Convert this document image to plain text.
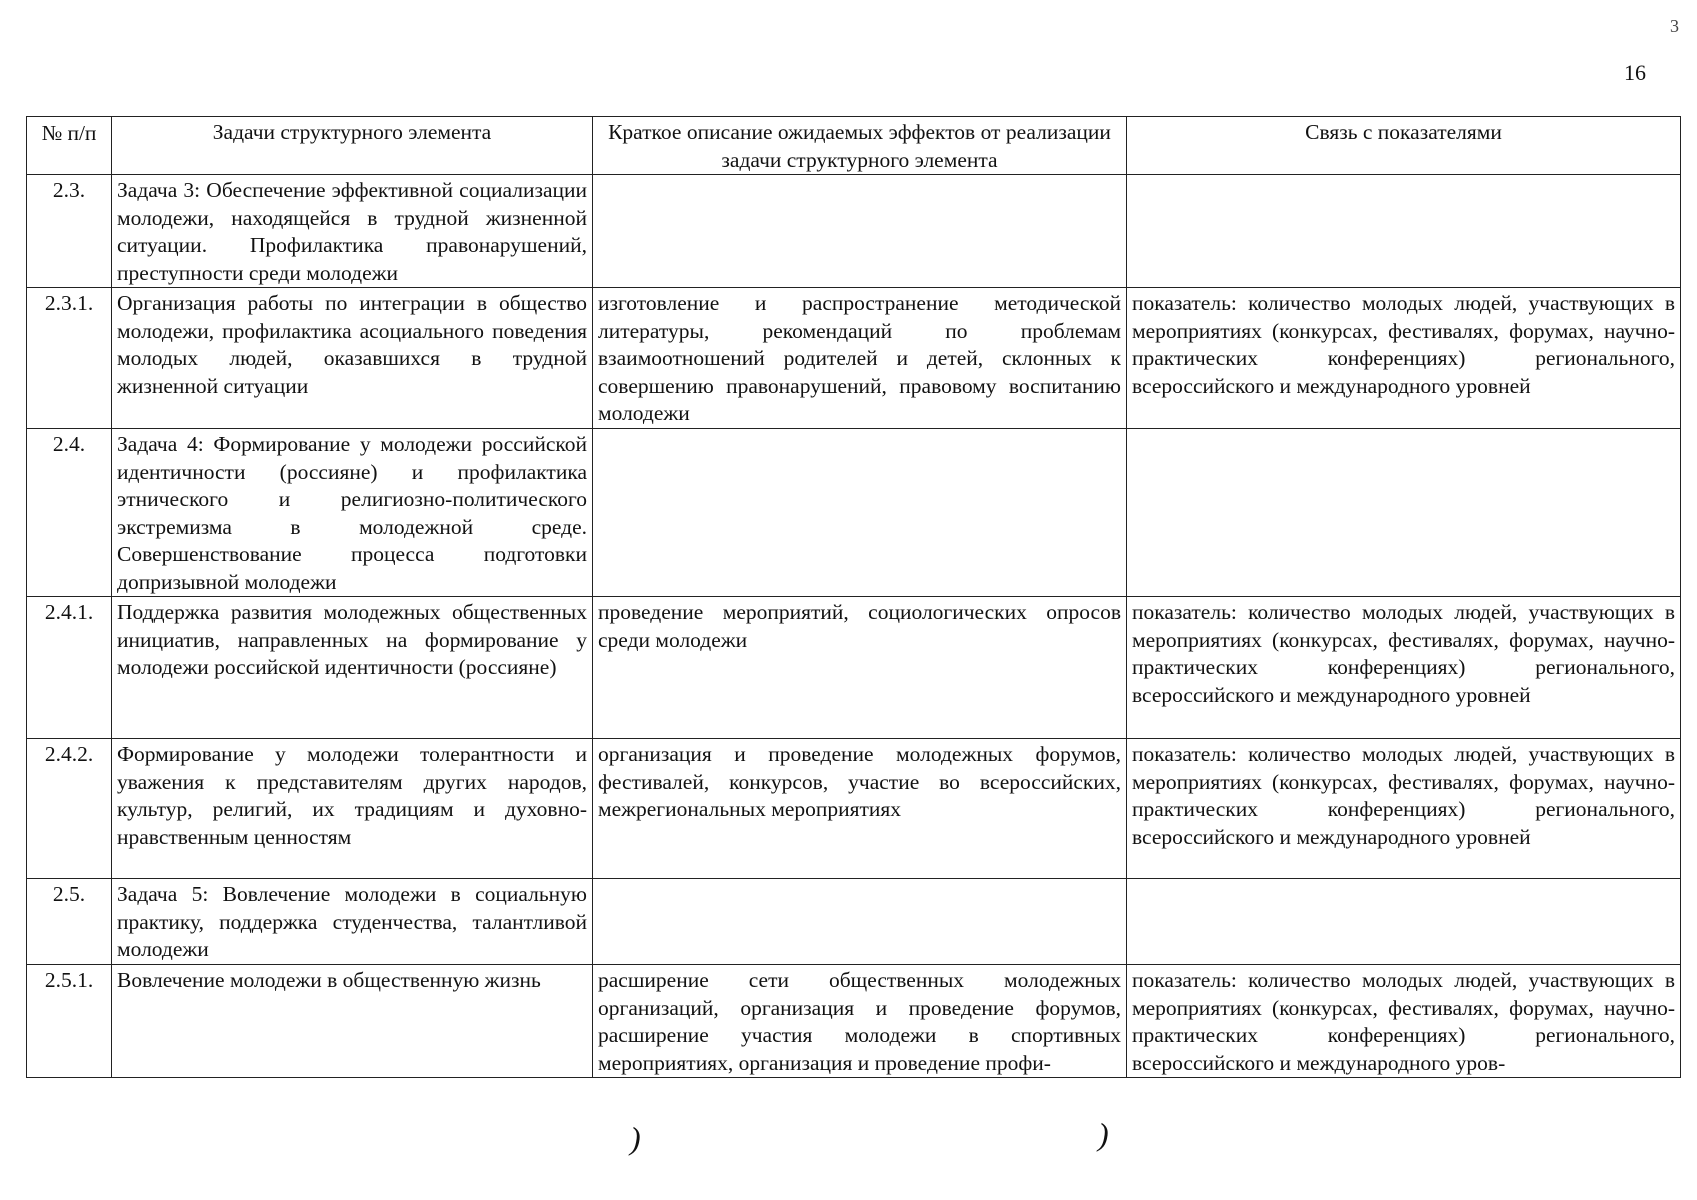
3
16
№ п/п	Задачи структурного элемента	Краткое описание ожидаемых эффектов от реализации задачи структурного элемента	Связь с показателями
2.3.	Задача 3: Обеспечение эффективной социализации молодежи, находящейся в трудной жизненной ситуации. Профилактика правонарушений, преступности среди молодежи		
2.3.1.	Организация работы по интеграции в общество молодежи, профилактика асоциального поведения молодых людей, оказавшихся в трудной жизненной ситуации	изготовление и распространение методической литературы, рекомендаций по проблемам взаимоотношений родителей и детей, склонных к совершению правонарушений, правовому воспитанию молодежи	показатель: количество молодых людей, участвующих в мероприятиях (конкурсах, фестивалях, форумах, научно-практических конференциях) регионального, всероссийского и международного уровней
2.4.	Задача 4: Формирование у молодежи российской идентичности (россияне) и профилактика этнического и религиозно-политического экстремизма в молодежной среде. Совершенствование процесса подготовки допризывной молодежи		
2.4.1.	Поддержка развития молодежных общественных инициатив, направленных на формирование у молодежи российской идентичности (россияне)	проведение мероприятий, социологических опросов среди молодежи	показатель: количество молодых людей, участвующих в мероприятиях (конкурсах, фестивалях, форумах, научно-практических конференциях) регионального, всероссийского и международного уровней
2.4.2.	Формирование у молодежи толерантности и уважения к представителям других народов, культур, религий, их традициям и духовно-нравственным ценностям	организация и проведение молодежных форумов, фестивалей, конкурсов, участие во всероссийских, межрегиональных мероприятиях	показатель: количество молодых людей, участвующих в мероприятиях (конкурсах, фестивалях, форумах, научно-практических конференциях) регионального, всероссийского и международного уровней
2.5.	Задача 5: Вовлечение молодежи в социальную практику, поддержка студенчества, талантливой молодежи		
2.5.1.	Вовлечение молодежи в общественную жизнь	расширение сети общественных молодежных организаций, организация и проведение форумов, расширение участия молодежи в спортивных мероприятиях, организация и проведение профи-	показатель: количество молодых людей, участвующих в мероприятиях (конкурсах, фестивалях, форумах, научно-практических конференциях) регионального, всероссийского и международного уров-
)	)
